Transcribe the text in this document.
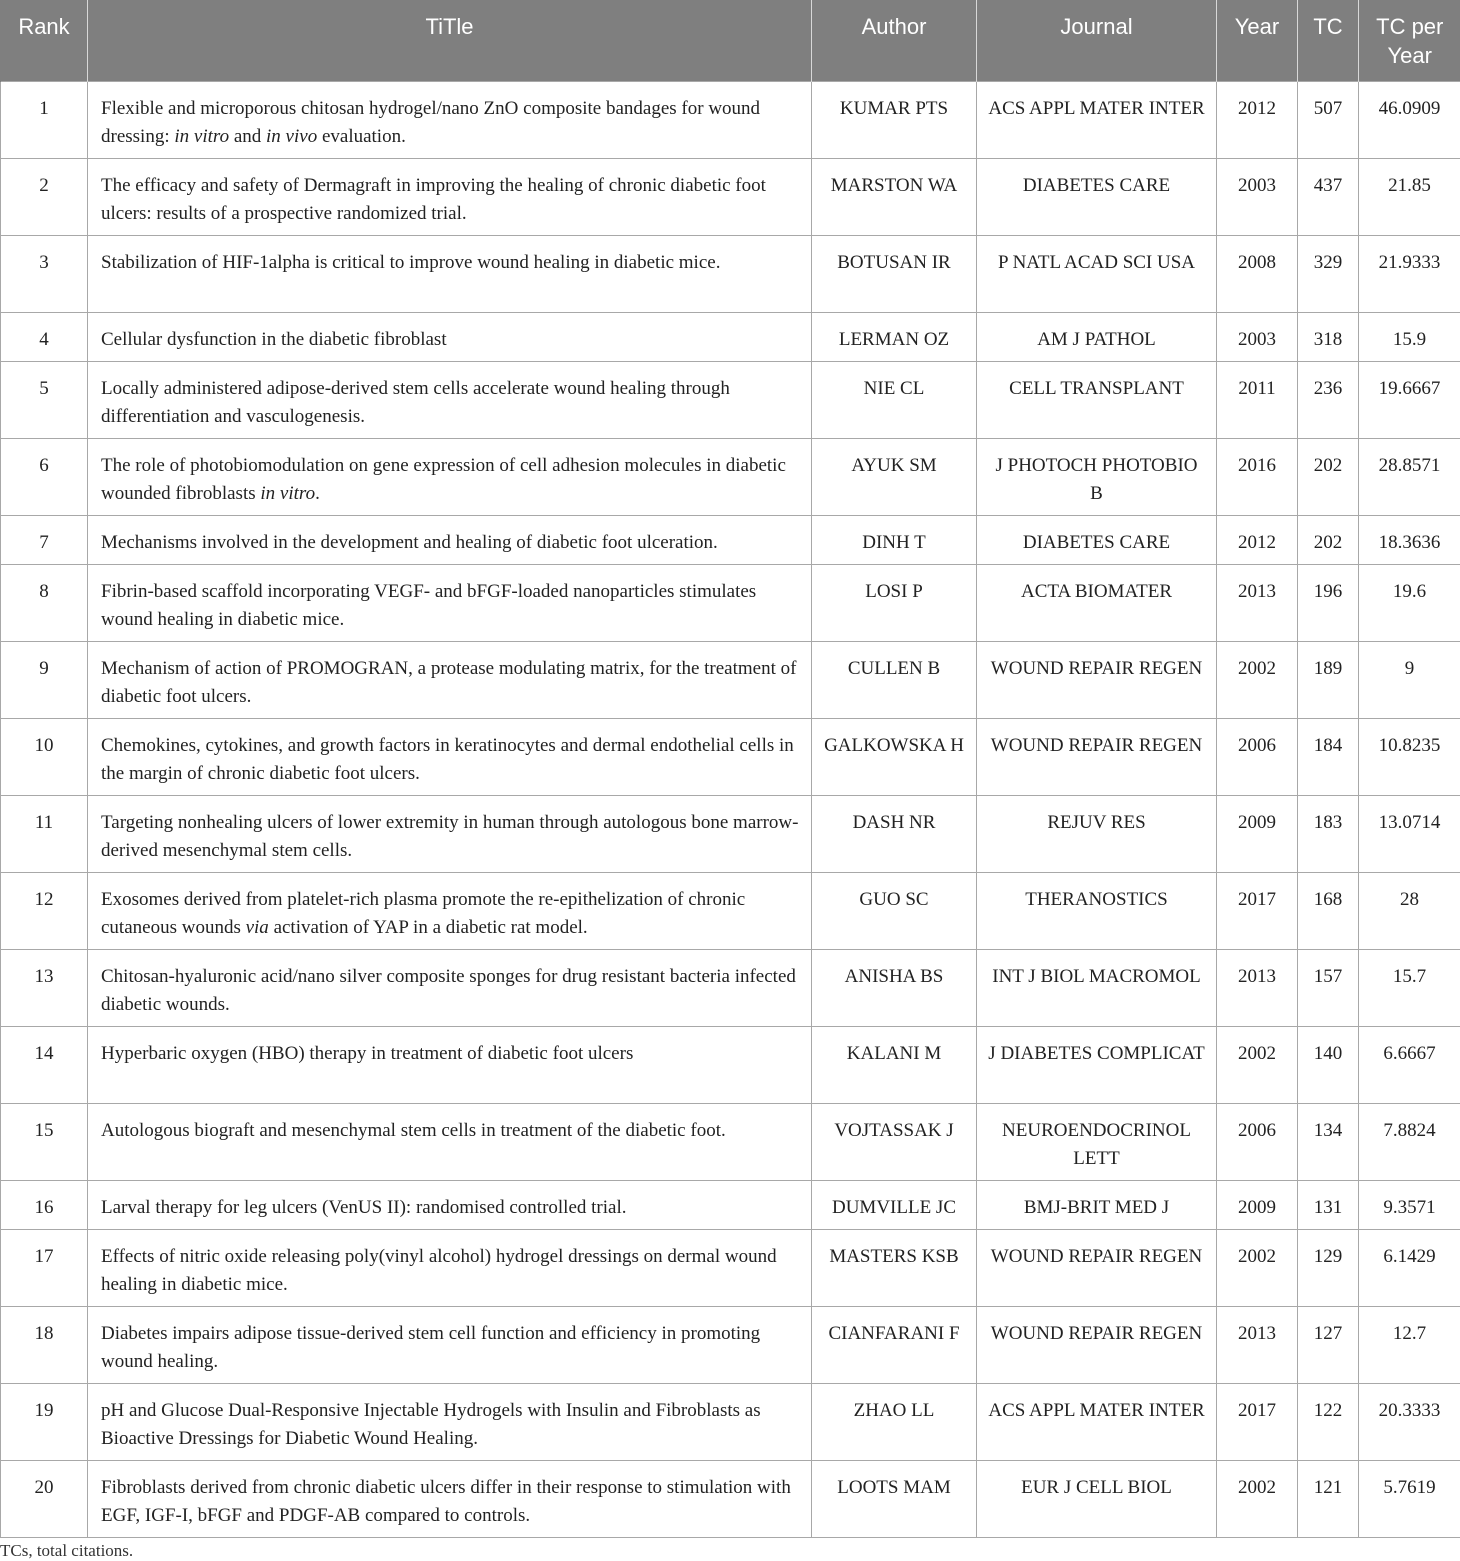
Rank	TiTle	Author	Journal	Year	TC	TC per Year
1	Flexible and microporous chitosan hydrogel/nano ZnO composite bandages for wound dressing: in vitro and in vivo evaluation.	KUMAR PTS	ACS APPL MATER INTER	2012	507	46.0909
2	The efficacy and safety of Dermagraft in improving the healing of chronic diabetic foot ulcers: results of a prospective randomized trial.	MARSTON WA	DIABETES CARE	2003	437	21.85
3	Stabilization of HIF-1alpha is critical to improve wound healing in diabetic mice.	BOTUSAN IR	P NATL ACAD SCI USA	2008	329	21.9333
4	Cellular dysfunction in the diabetic fibroblast	LERMAN OZ	AM J PATHOL	2003	318	15.9
5	Locally administered adipose-derived stem cells accelerate wound healing through differentiation and vasculogenesis.	NIE CL	CELL TRANSPLANT	2011	236	19.6667
6	The role of photobiomodulation on gene expression of cell adhesion molecules in diabetic wounded fibroblasts in vitro.	AYUK SM	J PHOTOCH PHOTOBIO B	2016	202	28.8571
7	Mechanisms involved in the development and healing of diabetic foot ulceration.	DINH T	DIABETES CARE	2012	202	18.3636
8	Fibrin-based scaffold incorporating VEGF- and bFGF-loaded nanoparticles stimulates wound healing in diabetic mice.	LOSI P	ACTA BIOMATER	2013	196	19.6
9	Mechanism of action of PROMOGRAN, a protease modulating matrix, for the treatment of diabetic foot ulcers.	CULLEN B	WOUND REPAIR REGEN	2002	189	9
10	Chemokines, cytokines, and growth factors in keratinocytes and dermal endothelial cells in the margin of chronic diabetic foot ulcers.	GALKOWSKA H	WOUND REPAIR REGEN	2006	184	10.8235
11	Targeting nonhealing ulcers of lower extremity in human through autologous bone marrow-derived mesenchymal stem cells.	DASH NR	REJUV RES	2009	183	13.0714
12	Exosomes derived from platelet-rich plasma promote the re-epithelization of chronic cutaneous wounds via activation of YAP in a diabetic rat model.	GUO SC	THERANOSTICS	2017	168	28
13	Chitosan-hyaluronic acid/nano silver composite sponges for drug resistant bacteria infected diabetic wounds.	ANISHA BS	INT J BIOL MACROMOL	2013	157	15.7
14	Hyperbaric oxygen (HBO) therapy in treatment of diabetic foot ulcers	KALANI M	J DIABETES COMPLICAT	2002	140	6.6667
15	Autologous biograft and mesenchymal stem cells in treatment of the diabetic foot.	VOJTASSAK J	NEUROENDOCRINOL LETT	2006	134	7.8824
16	Larval therapy for leg ulcers (VenUS II): randomised controlled trial.	DUMVILLE JC	BMJ-BRIT MED J	2009	131	9.3571
17	Effects of nitric oxide releasing poly(vinyl alcohol) hydrogel dressings on dermal wound healing in diabetic mice.	MASTERS KSB	WOUND REPAIR REGEN	2002	129	6.1429
18	Diabetes impairs adipose tissue-derived stem cell function and efficiency in promoting wound healing.	CIANFARANI F	WOUND REPAIR REGEN	2013	127	12.7
19	pH and Glucose Dual-Responsive Injectable Hydrogels with Insulin and Fibroblasts as Bioactive Dressings for Diabetic Wound Healing.	ZHAO LL	ACS APPL MATER INTER	2017	122	20.3333
20	Fibroblasts derived from chronic diabetic ulcers differ in their response to stimulation with EGF, IGF-I, bFGF and PDGF-AB compared to controls.	LOOTS MAM	EUR J CELL BIOL	2002	121	5.7619
TCs, total citations.
